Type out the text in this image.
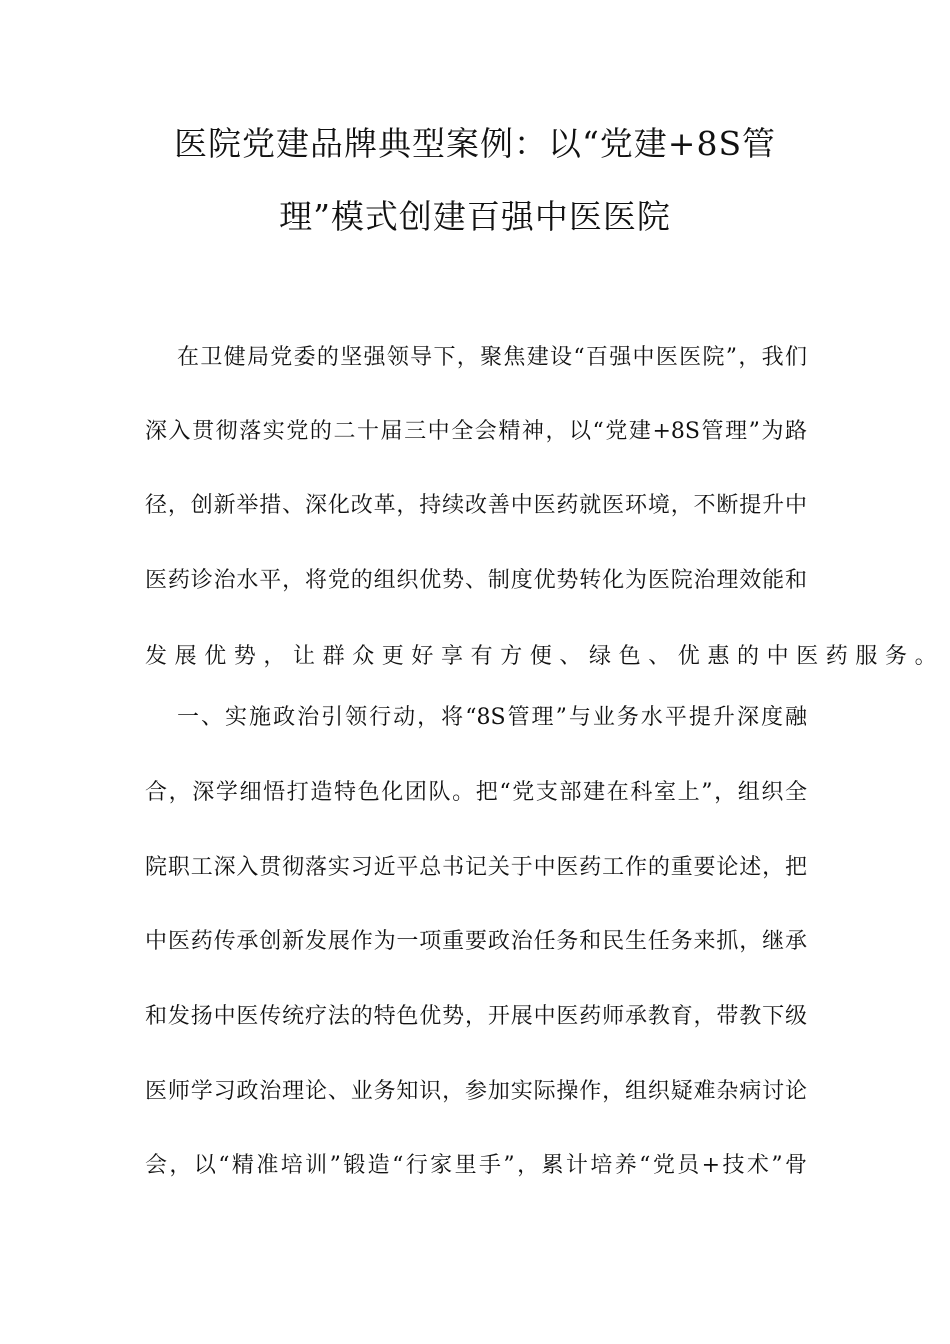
医院党建品牌典型案例：以“党建+8S管
理”模式创建百强中医医院
在卫健局党委的坚强领导下，聚焦建设“百强中医医院”，我们
深入贯彻落实党的二十届三中全会精神，以“党建+8S管理”为路
径，创新举措、深化改革，持续改善中医药就医环境，不断提升中
医药诊治水平，将党的组织优势、制度优势转化为医院治理效能和
发展优势，让群众更好享有方便、绿色、优惠的中医药服务。
一、实施政治引领行动，将“8S管理”与业务水平提升深度融
合，深学细悟打造特色化团队。把“党支部建在科室上”，组织全
院职工深入贯彻落实习近平总书记关于中医药工作的重要论述，把
中医药传承创新发展作为一项重要政治任务和民生任务来抓，继承
和发扬中医传统疗法的特色优势，开展中医药师承教育，带教下级
医师学习政治理论、业务知识，参加实际操作，组织疑难杂病讨论
会，以“精准培训”锻造“行家里手”，累计培养“党员+技术”骨
